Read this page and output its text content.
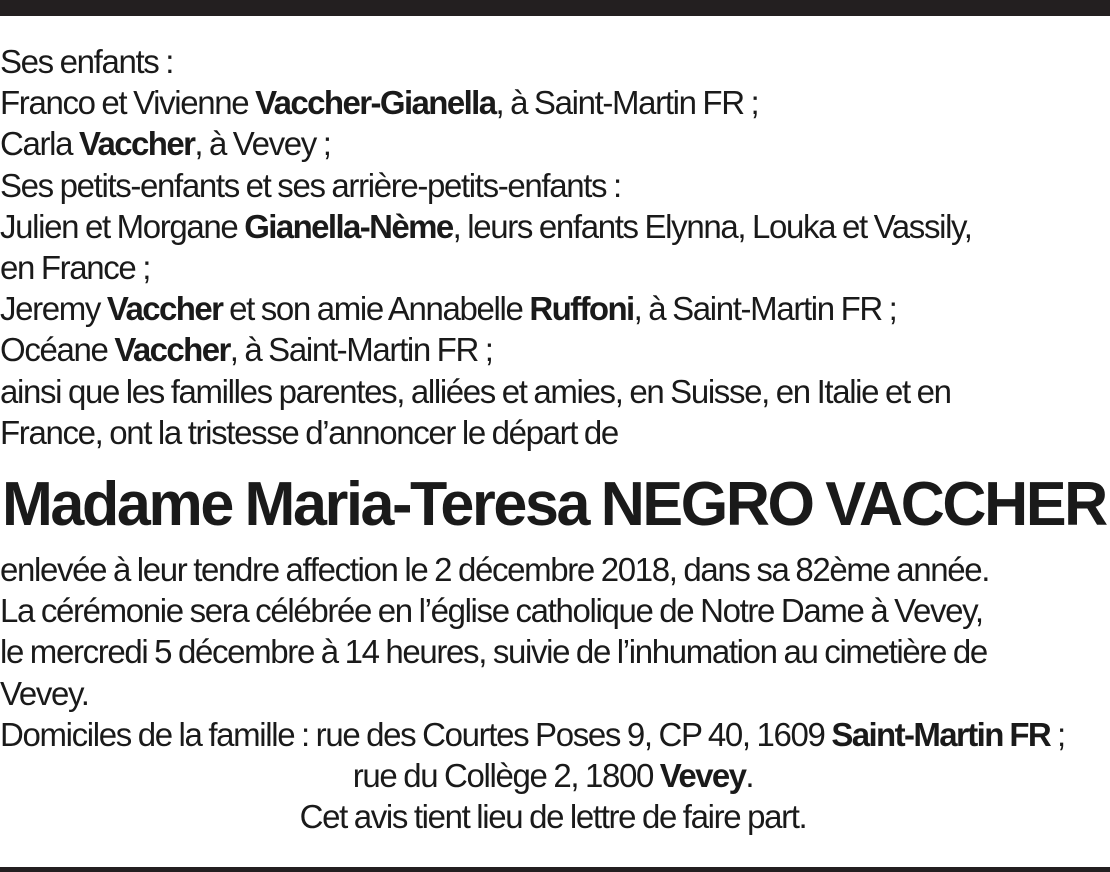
Ses enfants :
Franco et Vivienne Vaccher-Gianella, à Saint-Martin FR ;
Carla Vaccher, à Vevey ;
Ses petits-enfants et ses arrière-petits-enfants :
Julien et Morgane Gianella-Nème, leurs enfants Elynna, Louka et Vassily,
en France ;
Jeremy Vaccher et son amie Annabelle Ruffoni, à Saint-Martin FR ;
Océane Vaccher, à Saint-Martin FR ;
ainsi que les familles parentes, alliées et amies, en Suisse, en Italie et en
France, ont la tristesse d’annoncer le départ de
Madame Maria-Teresa NEGRO VACCHER
enlevée à leur tendre affection le 2 décembre 2018, dans sa 82ème année.
La cérémonie sera célébrée en l’église catholique de Notre Dame à Vevey,
le mercredi 5 décembre à 14 heures, suivie de l’inhumation au cimetière de
Vevey.
Domiciles de la famille : rue des Courtes Poses 9, CP 40, 1609 Saint-Martin FR ;
rue du Collège 2, 1800 Vevey.
Cet avis tient lieu de lettre de faire part.
